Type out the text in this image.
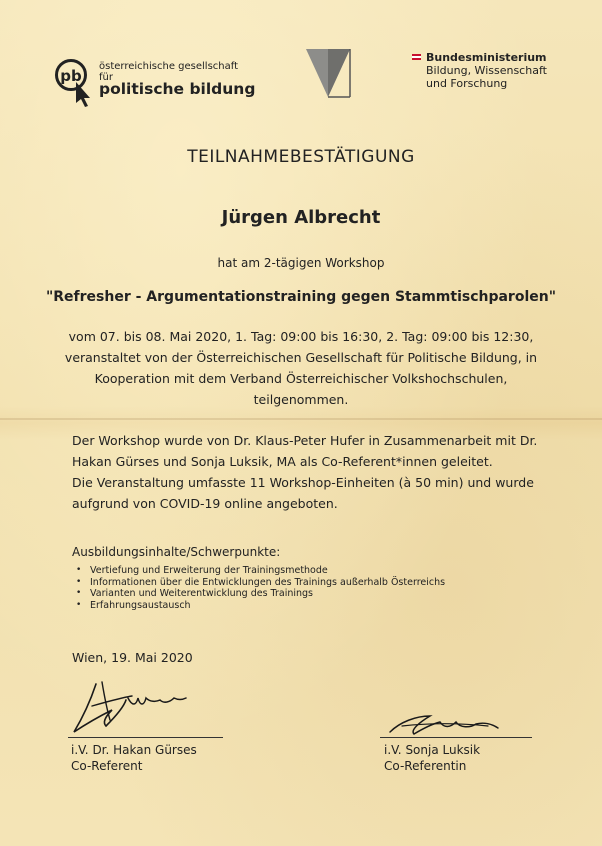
pb
österreichische gesellschaft
für
politische bildung
Bundesministerium
Bildung, Wissenschaft
und Forschung
TEILNAHMEBESTÄTIGUNG
Jürgen Albrecht
hat am 2-tägigen Workshop
"Refresher - Argumentationstraining gegen Stammtischparolen"
vom 07. bis 08. Mai 2020, 1. Tag: 09:00 bis 16:30, 2. Tag: 09:00 bis 12:30,
veranstaltet von der Österreichischen Gesellschaft für Politische Bildung, in
Kooperation mit dem Verband Österreichischer Volkshochschulen,
teilgenommen.
Der Workshop wurde von Dr. Klaus-Peter Hufer in Zusammenarbeit mit Dr.
Hakan Gürses und Sonja Luksik, MA als Co-Referent*innen geleitet.
Die Veranstaltung umfasste 11 Workshop-Einheiten (à 50 min) und wurde
aufgrund von COVID-19 online angeboten.
Ausbildungsinhalte/Schwerpunkte:
• Vertiefung und Erweiterung der Trainingsmethode
• Informationen über die Entwicklungen des Trainings außerhalb Österreichs
• Varianten und Weiterentwicklung des Trainings
• Erfahrungsaustausch
Wien, 19. Mai 2020
i.V. Dr. Hakan Gürses
Co-Referent
i.V. Sonja Luksik
Co-Referentin
